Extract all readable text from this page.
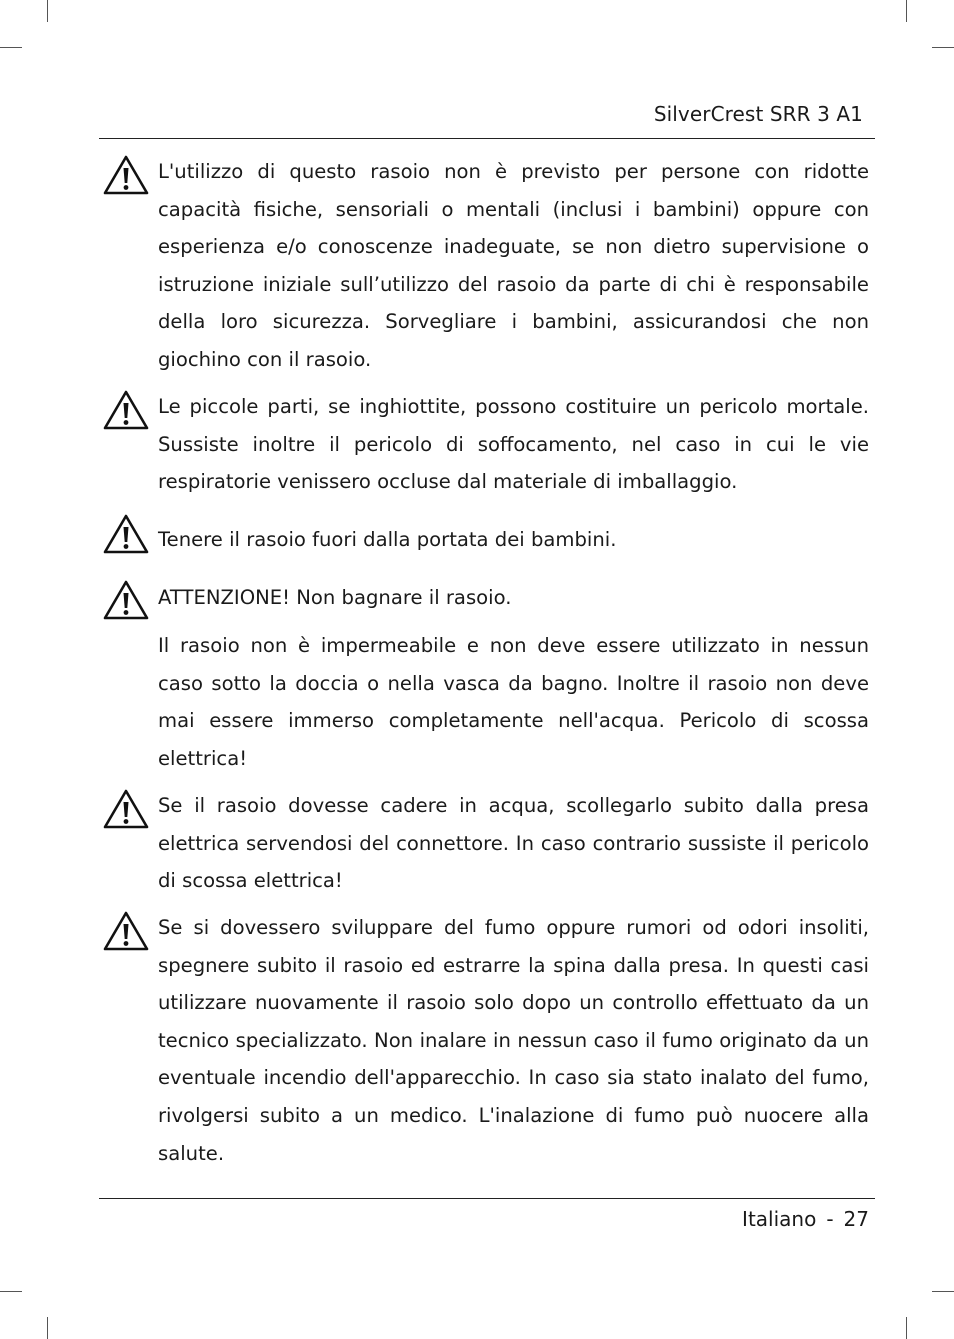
SilverCrest SRR 3 A1

L'utilizzo di questo rasoio non è previsto per persone con ridotte capacità fisiche, sensoriali o mentali (inclusi i bambini) oppure con esperienza e/o conoscenze inadeguate, se non dietro supervisione o istruzione iniziale sull’utilizzo del rasoio da parte di chi è responsabile della loro sicurezza. Sorvegliare i bambini, assicurandosi che non giochino con il rasoio.

Le piccole parti, se inghiottite, possono costituire un pericolo mortale. Sussiste inoltre il pericolo di soffocamento, nel caso in cui le vie respiratorie venissero occluse dal materiale di imballaggio.

Tenere il rasoio fuori dalla portata dei bambini.

ATTENZIONE! Non bagnare il rasoio.

Il rasoio non è impermeabile e non deve essere utilizzato in nessun caso sotto la doccia o nella vasca da bagno. Inoltre il rasoio non deve mai essere immerso completamente nell'acqua. Pericolo di scossa elettrica!

Se il rasoio dovesse cadere in acqua, scollegarlo subito dalla presa elettrica servendosi del connettore. In caso contrario sussiste il pericolo di scossa elettrica!

Se si dovessero sviluppare del fumo oppure rumori od odori insoliti, spegnere subito il rasoio ed estrarre la spina dalla presa. In questi casi utilizzare nuovamente il rasoio solo dopo un controllo effettuato da un tecnico specializzato. Non inalare in nessun caso il fumo originato da un eventuale incendio dell'apparecchio. In caso sia stato inalato del fumo, rivolgersi subito a un medico. L'inalazione di fumo può nuocere alla salute.

Italiano - 27
